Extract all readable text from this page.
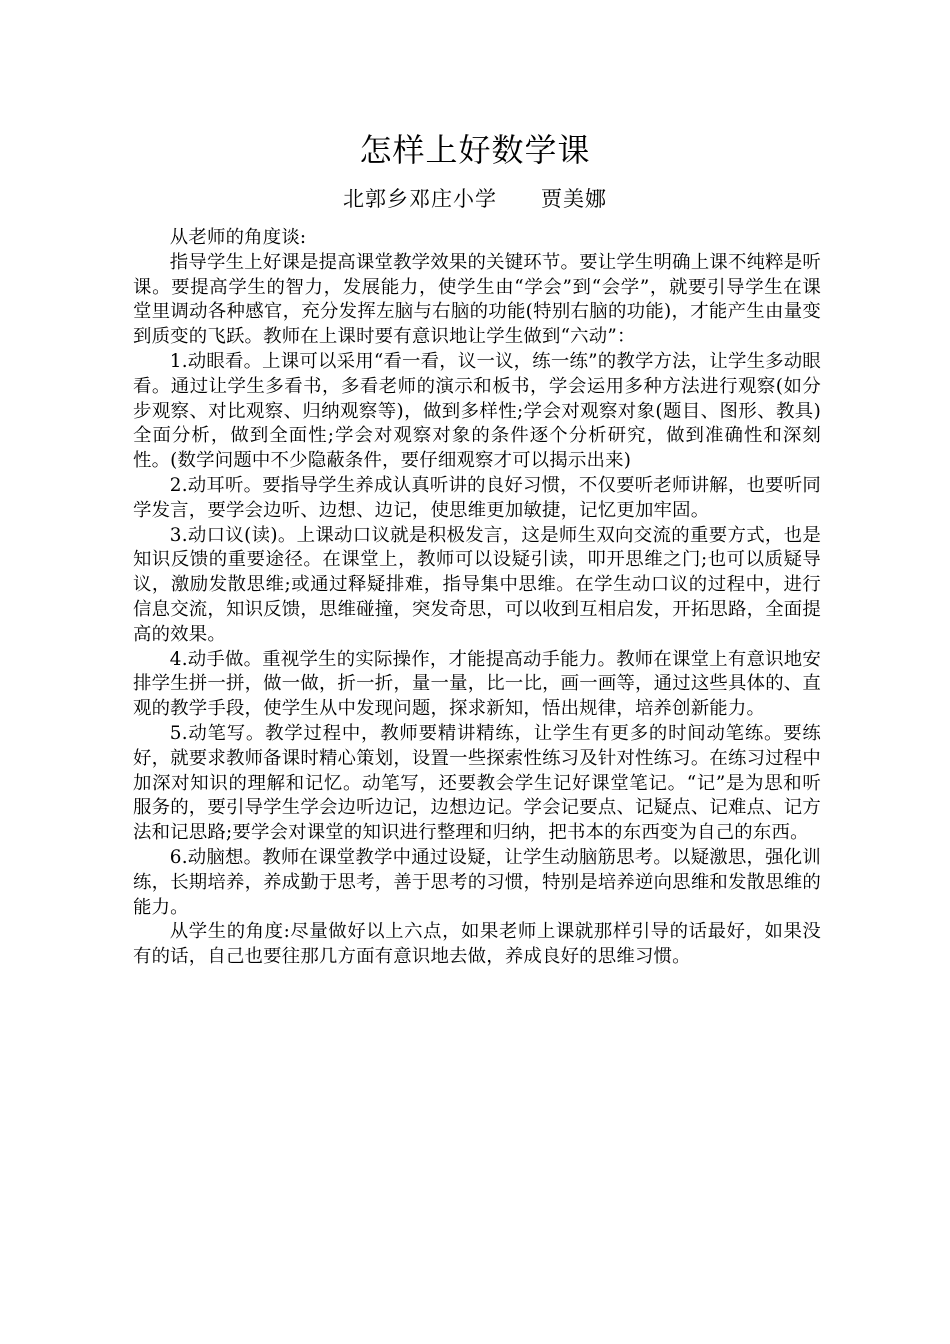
怎样上好数学课
北郭乡邓庄小学 贾美娜

从老师的角度谈:

指导学生上好课是提高课堂教学效果的关键环节。要让学生明确上课不纯粹是听课。要提高学生的智力，发展能力，使学生由“学会”到“会学”，就要引导学生在课堂里调动各种感官，充分发挥左脑与右脑的功能(特别右脑的功能)，才能产生由量变到质变的飞跃。教师在上课时要有意识地让学生做到“六动”：

1.动眼看。上课可以采用“看一看，议一议，练一练”的教学方法，让学生多动眼看。通过让学生多看书，多看老师的演示和板书，学会运用多种方法进行观察(如分步观察、对比观察、归纳观察等)，做到多样性;学会对观察对象(题目、图形、教具)全面分析，做到全面性;学会对观察对象的条件逐个分析研究，做到准确性和深刻性。(数学问题中不少隐蔽条件，要仔细观察才可以揭示出来)

2.动耳听。要指导学生养成认真听讲的良好习惯，不仅要听老师讲解，也要听同学发言，要学会边听、边想、边记，使思维更加敏捷，记忆更加牢固。

3.动口议(读)。上课动口议就是积极发言，这是师生双向交流的重要方式，也是知识反馈的重要途径。在课堂上，教师可以设疑引读，叩开思维之门;也可以质疑导议，激励发散思维;或通过释疑排难，指导集中思维。在学生动口议的过程中，进行信息交流，知识反馈，思维碰撞，突发奇思，可以收到互相启发，开拓思路，全面提高的效果。

4.动手做。重视学生的实际操作，才能提高动手能力。教师在课堂上有意识地安排学生拼一拼，做一做，折一折，量一量，比一比，画一画等，通过这些具体的、直观的教学手段，使学生从中发现问题，探求新知，悟出规律，培养创新能力。

5.动笔写。教学过程中，教师要精讲精练，让学生有更多的时间动笔练。要练好，就要求教师备课时精心策划，设置一些探索性练习及针对性练习。在练习过程中加深对知识的理解和记忆。动笔写，还要教会学生记好课堂笔记。“记”是为思和听服务的，要引导学生学会边听边记，边想边记。学会记要点、记疑点、记难点、记方法和记思路;要学会对课堂的知识进行整理和归纳，把书本的东西变为自己的东西。

6.动脑想。教师在课堂教学中通过设疑，让学生动脑筋思考。以疑激思，强化训练，长期培养，养成勤于思考，善于思考的习惯，特别是培养逆向思维和发散思维的能力。

从学生的角度:尽量做好以上六点，如果老师上课就那样引导的话最好，如果没有的话，自己也要往那几方面有意识地去做，养成良好的思维习惯。
